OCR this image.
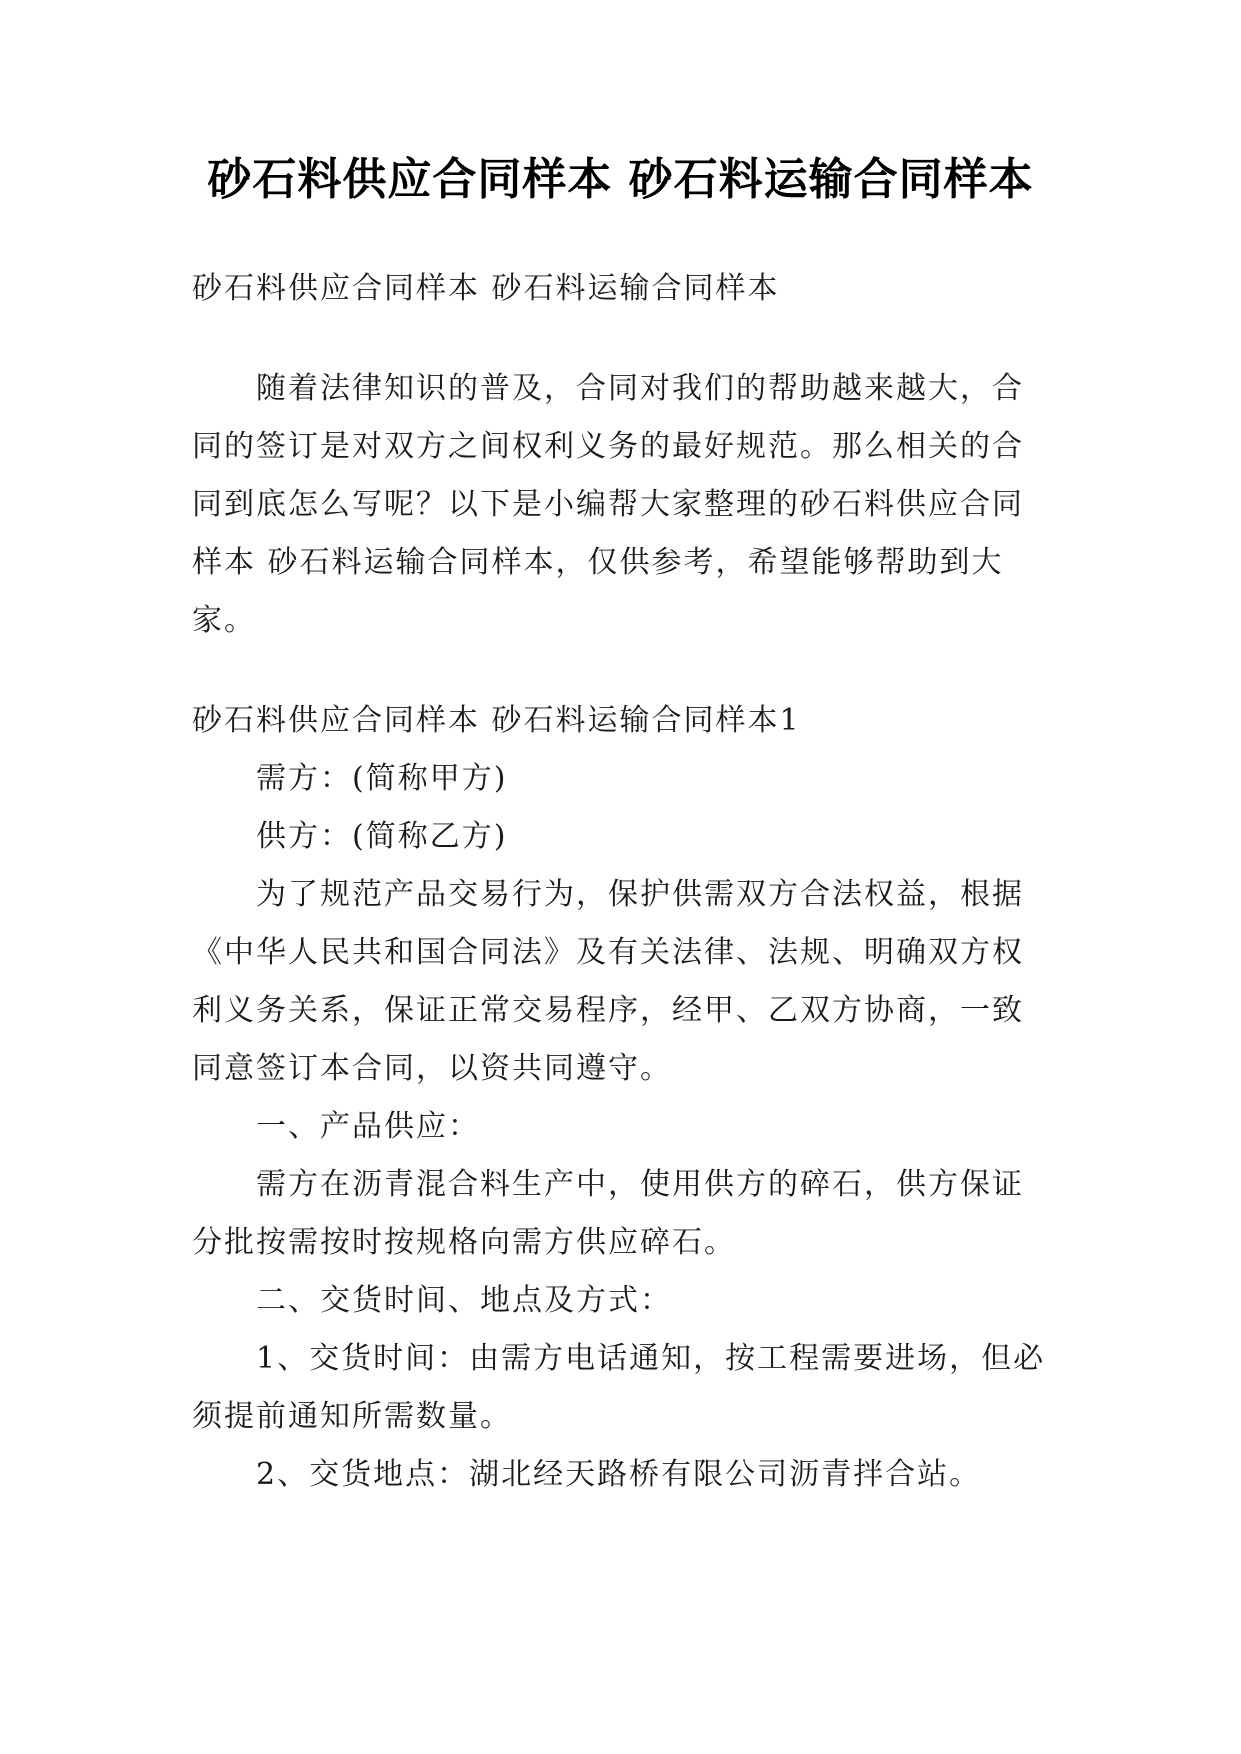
砂石料供应合同样本 砂石料运输合同样本

砂石料供应合同样本 砂石料运输合同样本

随着法律知识的普及，合同对我们的帮助越来越大，合同的签订是对双方之间权利义务的最好规范。那么相关的合同到底怎么写呢？以下是小编帮大家整理的砂石料供应合同样本 砂石料运输合同样本，仅供参考，希望能够帮助到大家。

砂石料供应合同样本 砂石料运输合同样本1

需方：(简称甲方)

供方：(简称乙方)

为了规范产品交易行为，保护供需双方合法权益，根据《中华人民共和国合同法》及有关法律、法规、明确双方权利义务关系，保证正常交易程序，经甲、乙双方协商，一致同意签订本合同，以资共同遵守。

一、产品供应：

需方在沥青混合料生产中，使用供方的碎石，供方保证分批按需按时按规格向需方供应碎石。

二、交货时间、地点及方式：

1、交货时间：由需方电话通知，按工程需要进场，但必须提前通知所需数量。

2、交货地点：湖北经天路桥有限公司沥青拌合站。
